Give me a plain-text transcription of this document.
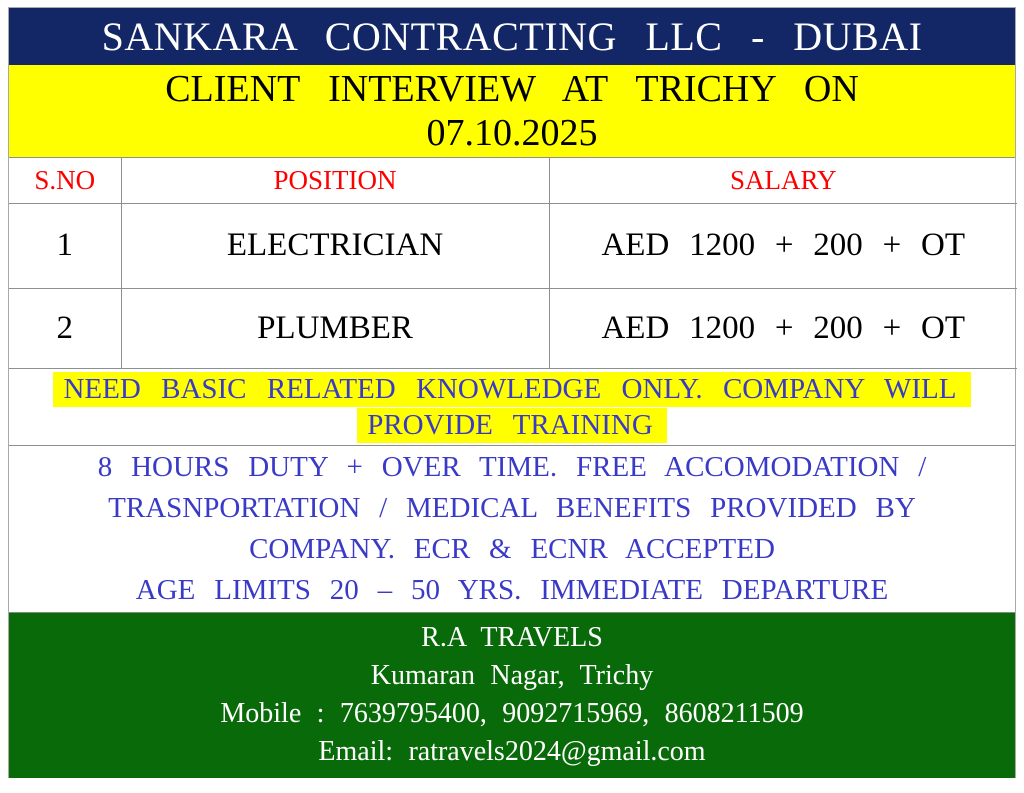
SANKARA CONTRACTING LLC - DUBAI
CLIENT INTERVIEW AT TRICHY ON
07.10.2025
S.NO	POSITION	SALARY
1	ELECTRICIAN	AED 1200 + 200 + OT
2	PLUMBER	AED 1200 + 200 + OT
NEED BASIC RELATED KNOWLEDGE ONLY. COMPANY WILL
PROVIDE TRAINING
8 HOURS DUTY + OVER TIME. FREE ACCOMODATION /
TRASNPORTATION / MEDICAL BENEFITS PROVIDED BY
COMPANY. ECR & ECNR ACCEPTED
AGE LIMITS 20 – 50 YRS. IMMEDIATE DEPARTURE
R.A TRAVELS
Kumaran Nagar, Trichy
Mobile : 7639795400, 9092715969, 8608211509
Email: ratravels2024@gmail.com
